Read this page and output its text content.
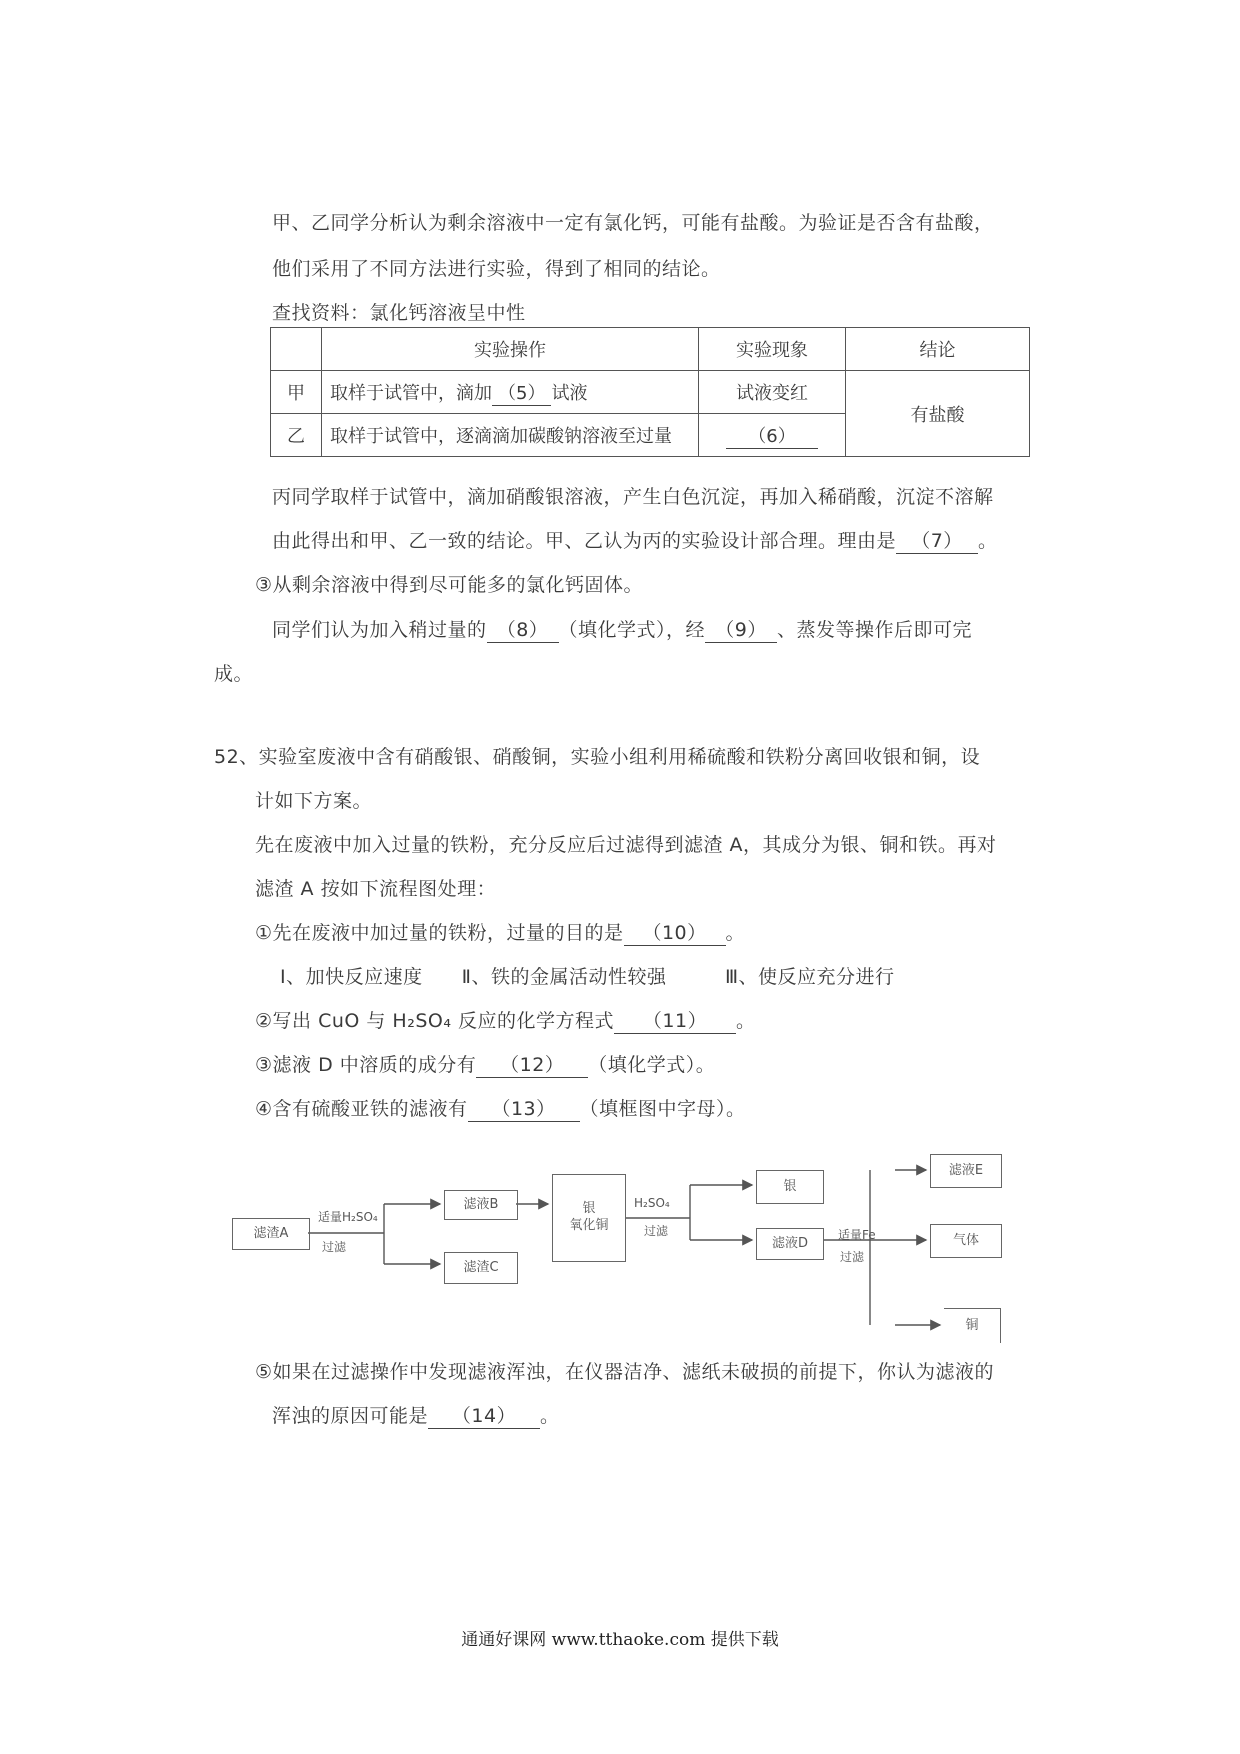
甲、乙同学分析认为剩余溶液中一定有氯化钙，可能有盐酸。为验证是否含有盐酸，
他们采用了不同方法进行实验，得到了相同的结论。
查找资料：氯化钙溶液呈中性
	实验操作	实验现象	结论
甲	取样于试管中，滴加 （5） 试液	试液变红	有盐酸
乙	取样于试管中，逐滴滴加碳酸钠溶液至过量	（6）	
丙同学取样于试管中，滴加硝酸银溶液，产生白色沉淀，再加入稀硝酸，沉淀不溶解
由此得出和甲、乙一致的结论。甲、乙认为丙的实验设计部合理。理由是 （7） 。
③从剩余溶液中得到尽可能多的氯化钙固体。
同学们认为加入稍过量的 （8） （填化学式），经 （9） 、蒸发等操作后即可完
成。
52、实验室废液中含有硝酸银、硝酸铜，实验小组利用稀硫酸和铁粉分离回收银和铜，设
计如下方案。
先在废液中加入过量的铁粉，充分反应后过滤得到滤渣 A，其成分为银、铜和铁。再对
滤渣 A 按如下流程图处理：
①先在废液中加过量的铁粉，过量的目的是 （10） 。
Ⅰ、加快反应速度　　Ⅱ、铁的金属活动性较强　　　Ⅲ、使反应充分进行
②写出 CuO 与 H₂SO₄ 反应的化学方程式 （11） 。
③滤液 D 中溶质的成分有 （12） （填化学式）。
④含有硫酸亚铁的滤液有 （13） （填框图中字母）。
滤渣A
适量H₂SO₄
过滤
滤液B
滤渣C
银
氧化铜
H₂SO₄
过滤
银
滤液D
适量Fe
过滤
滤液E
气体
铜
⑤如果在过滤操作中发现滤液浑浊，在仪器洁净、滤纸未破损的前提下，你认为滤液的
浑浊的原因可能是 （14） 。
通通好课网 www.tthaoke.com 提供下载
